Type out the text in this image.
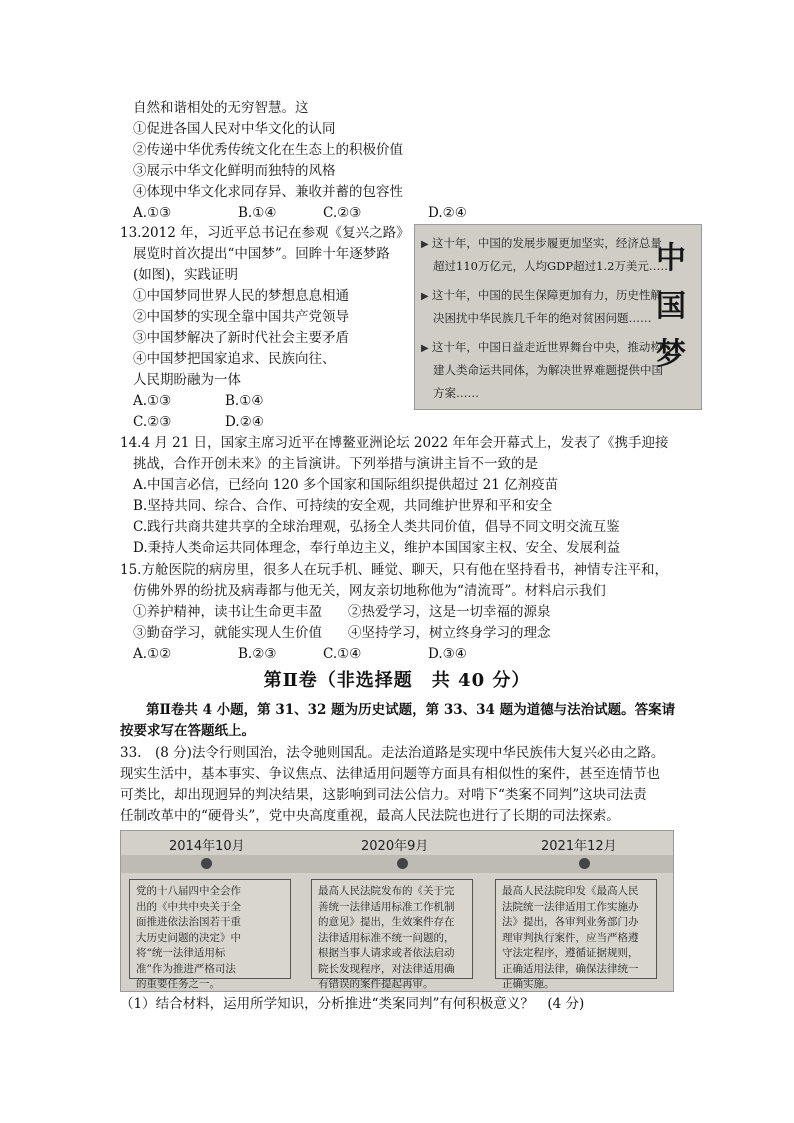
自然和谐相处的无穷智慧。这
①促进各国人民对中华文化的认同
②传递中华优秀传统文化在生态上的积极价值
③展示中华文化鲜明而独特的风格
④体现中华文化求同存异、兼收并蓄的包容性
A.①③	B.①④	C.②③	D.②④
13.2012 年，习近平总书记在参观《复兴之路》
展览时首次提出“中国梦”。回眸十年逐梦路
(如图)，实践证明
①中国梦同世界人民的梦想息息相通
②中国梦的实现全靠中国共产党领导
③中国梦解决了新时代社会主要矛盾
④中国梦把国家追求、民族向往、
人民期盼融为一体
A.①③	B.①④
C.②③	D.②④
▶ 这十年，中国的发展步履更加坚实，经济总量
超过110万亿元，人均GDP超过1.2万美元……
▶ 这十年，中国的民生保障更加有力，历史性解
决困扰中华民族几千年的绝对贫困问题……
▶ 这十年，中国日益走近世界舞台中央，推动构
建人类命运共同体，为解决世界难题提供中国
方案……
中
国
梦
14.4 月 21 日，国家主席习近平在博鳌亚洲论坛 2022 年年会开幕式上，发表了《携手迎接
挑战，合作开创未来》的主旨演讲。下列举措与演讲主旨不一致的是
A.中国言必信，已经向 120 多个国家和国际组织提供超过 21 亿剂疫苗
B.坚持共同、综合、合作、可持续的安全观，共同维护世界和平和安全
C.践行共商共建共享的全球治理观，弘扬全人类共同价值，倡导不同文明交流互鉴
D.秉持人类命运共同体理念，奉行单边主义，维护本国国家主权、安全、发展利益
15.方舱医院的病房里，很多人在玩手机、睡觉、聊天，只有他在坚持看书，神情专注平和，
仿佛外界的纷扰及病毒都与他无关，网友亲切地称他为“清流哥”。材料启示我们
①养护精神，读书让生命更丰盈 ②热爱学习，这是一切幸福的源泉
③勤奋学习，就能实现人生价值 ④坚持学习，树立终身学习的理念
A.①②	B.②③	C.①④	D.③④
第Ⅱ卷（非选择题　共 40 分）
第Ⅱ卷共 4 小题，第 31、32 题为历史试题，第 33、34 题为道德与法治试题。答案请
按要求写在答题纸上。
33.　(8 分)法令行则国治，法令驰则国乱。走法治道路是实现中华民族伟大复兴必由之路。
现实生活中，基本事实、争议焦点、法律适用问题等方面具有相似性的案件，甚至连情节也
可类比，却出现迥异的判决结果，这影响到司法公信力。对啃下“类案不同判”这块司法责
任制改革中的“硬骨头”，党中央高度重视，最高人民法院也进行了长期的司法探索。
2014年10月	2020年9月	2021年12月
党的十八届四中全会作
出的《中共中央关于全
面推进依法治国若干重
大历史问题的决定》中
将“统一法律适用标
准”作为推进严格司法
的重要任务之一。
最高人民法院发布的《关于完
善统一法律适用标准工作机制
的意见》提出，生效案件存在
法律适用标准不统一问题的，
根据当事人请求或者依法启动
院长发现程序，对法律适用确
有错误的案件提起再审。
最高人民法院印发《最高人民
法院统一法律适用工作实施办
法》提出，各审判业务部门办
理审判执行案件，应当严格遵
守法定程序，遵循证据规则，
正确适用法律，确保法律统一
正确实施。
（1）结合材料，运用所学知识，分析推进“类案同判”有何积极意义？　(4 分)
